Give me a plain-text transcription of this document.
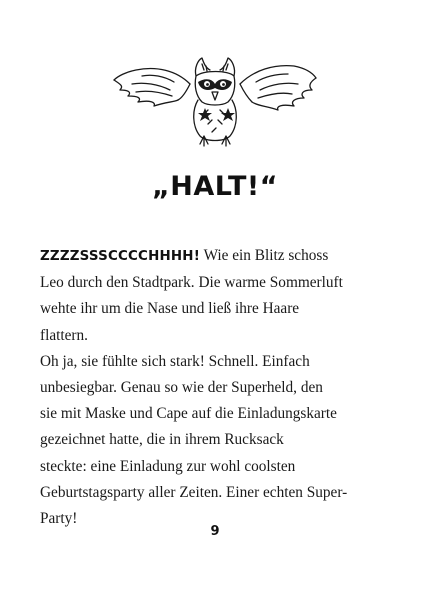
„HALT!“
ZZZZSSSCCCCHHHH! Wie ein Blitz schoss
Leo durch den Stadtpark. Die warme Sommerluft
wehte ihr um die Nase und ließ ihre Haare
flattern.
Oh ja, sie fühlte sich stark! Schnell. Einfach
unbesiegbar. Genau so wie der Superheld, den
sie mit Maske und Cape auf die Einladungskarte
gezeichnet hatte, die in ihrem Rucksack
steckte: eine Einladung zur wohl coolsten
Geburtstagsparty aller Zeiten. Einer echten Super-
Party!
9
